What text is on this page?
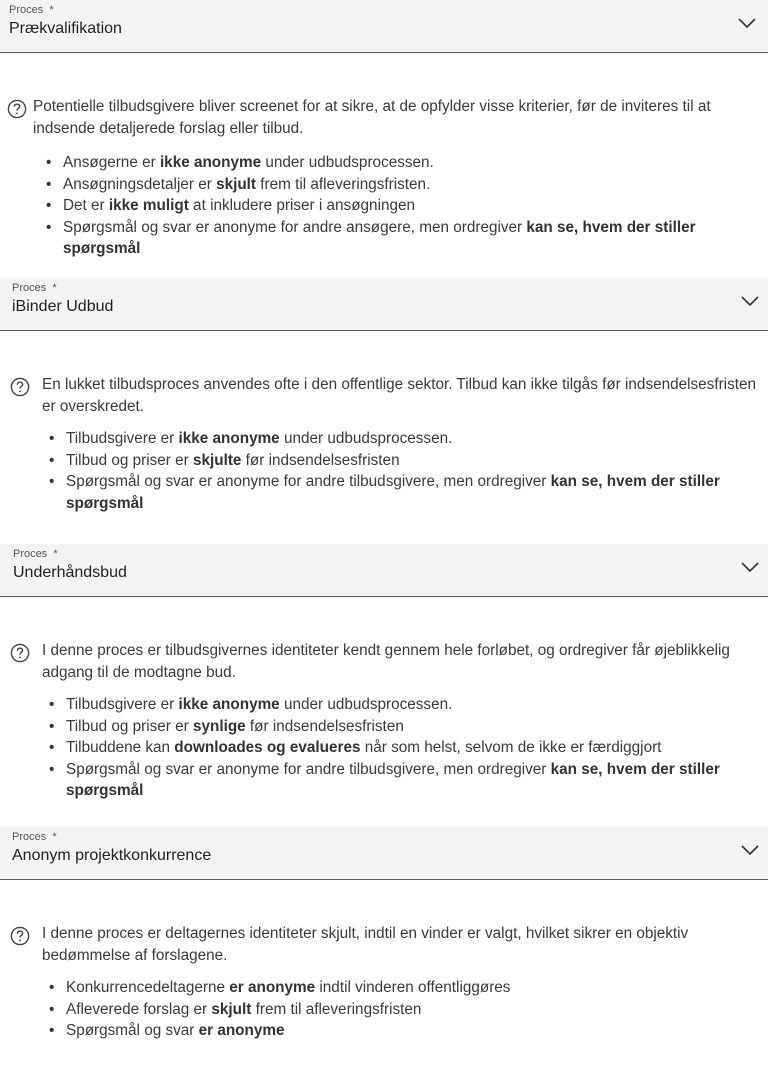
Proces *
Prækvalifikation
Potentielle tilbudsgivere bliver screenet for at sikre, at de opfylder visse kriterier, før de inviteres til at indsende detaljerede forslag eller tilbud.
• Ansøgerne er ikke anonyme under udbudsprocessen.
• Ansøgningsdetaljer er skjult frem til afleveringsfristen.
• Det er ikke muligt at inkludere priser i ansøgningen
• Spørgsmål og svar er anonyme for andre ansøgere, men ordregiver kan se, hvem der stiller spørgsmål
Proces *
iBinder Udbud
En lukket tilbudsproces anvendes ofte i den offentlige sektor. Tilbud kan ikke tilgås før indsendelsesfristen er overskredet.
• Tilbudsgivere er ikke anonyme under udbudsprocessen.
• Tilbud og priser er skjulte før indsendelsesfristen
• Spørgsmål og svar er anonyme for andre tilbudsgivere, men ordregiver kan se, hvem der stiller spørgsmål
Proces *
Underhåndsbud
I denne proces er tilbudsgivernes identiteter kendt gennem hele forløbet, og ordregiver får øjeblikkelig adgang til de modtagne bud.
• Tilbudsgivere er ikke anonyme under udbudsprocessen.
• Tilbud og priser er synlige før indsendelsesfristen
• Tilbuddene kan downloades og evalueres når som helst, selvom de ikke er færdiggjort
• Spørgsmål og svar er anonyme for andre tilbudsgivere, men ordregiver kan se, hvem der stiller spørgsmål
Proces *
Anonym projektkonkurrence
I denne proces er deltagernes identiteter skjult, indtil en vinder er valgt, hvilket sikrer en objektiv bedømmelse af forslagene.
• Konkurrencedeltagerne er anonyme indtil vinderen offentliggøres
• Afleverede forslag er skjult frem til afleveringsfristen
• Spørgsmål og svar er anonyme
